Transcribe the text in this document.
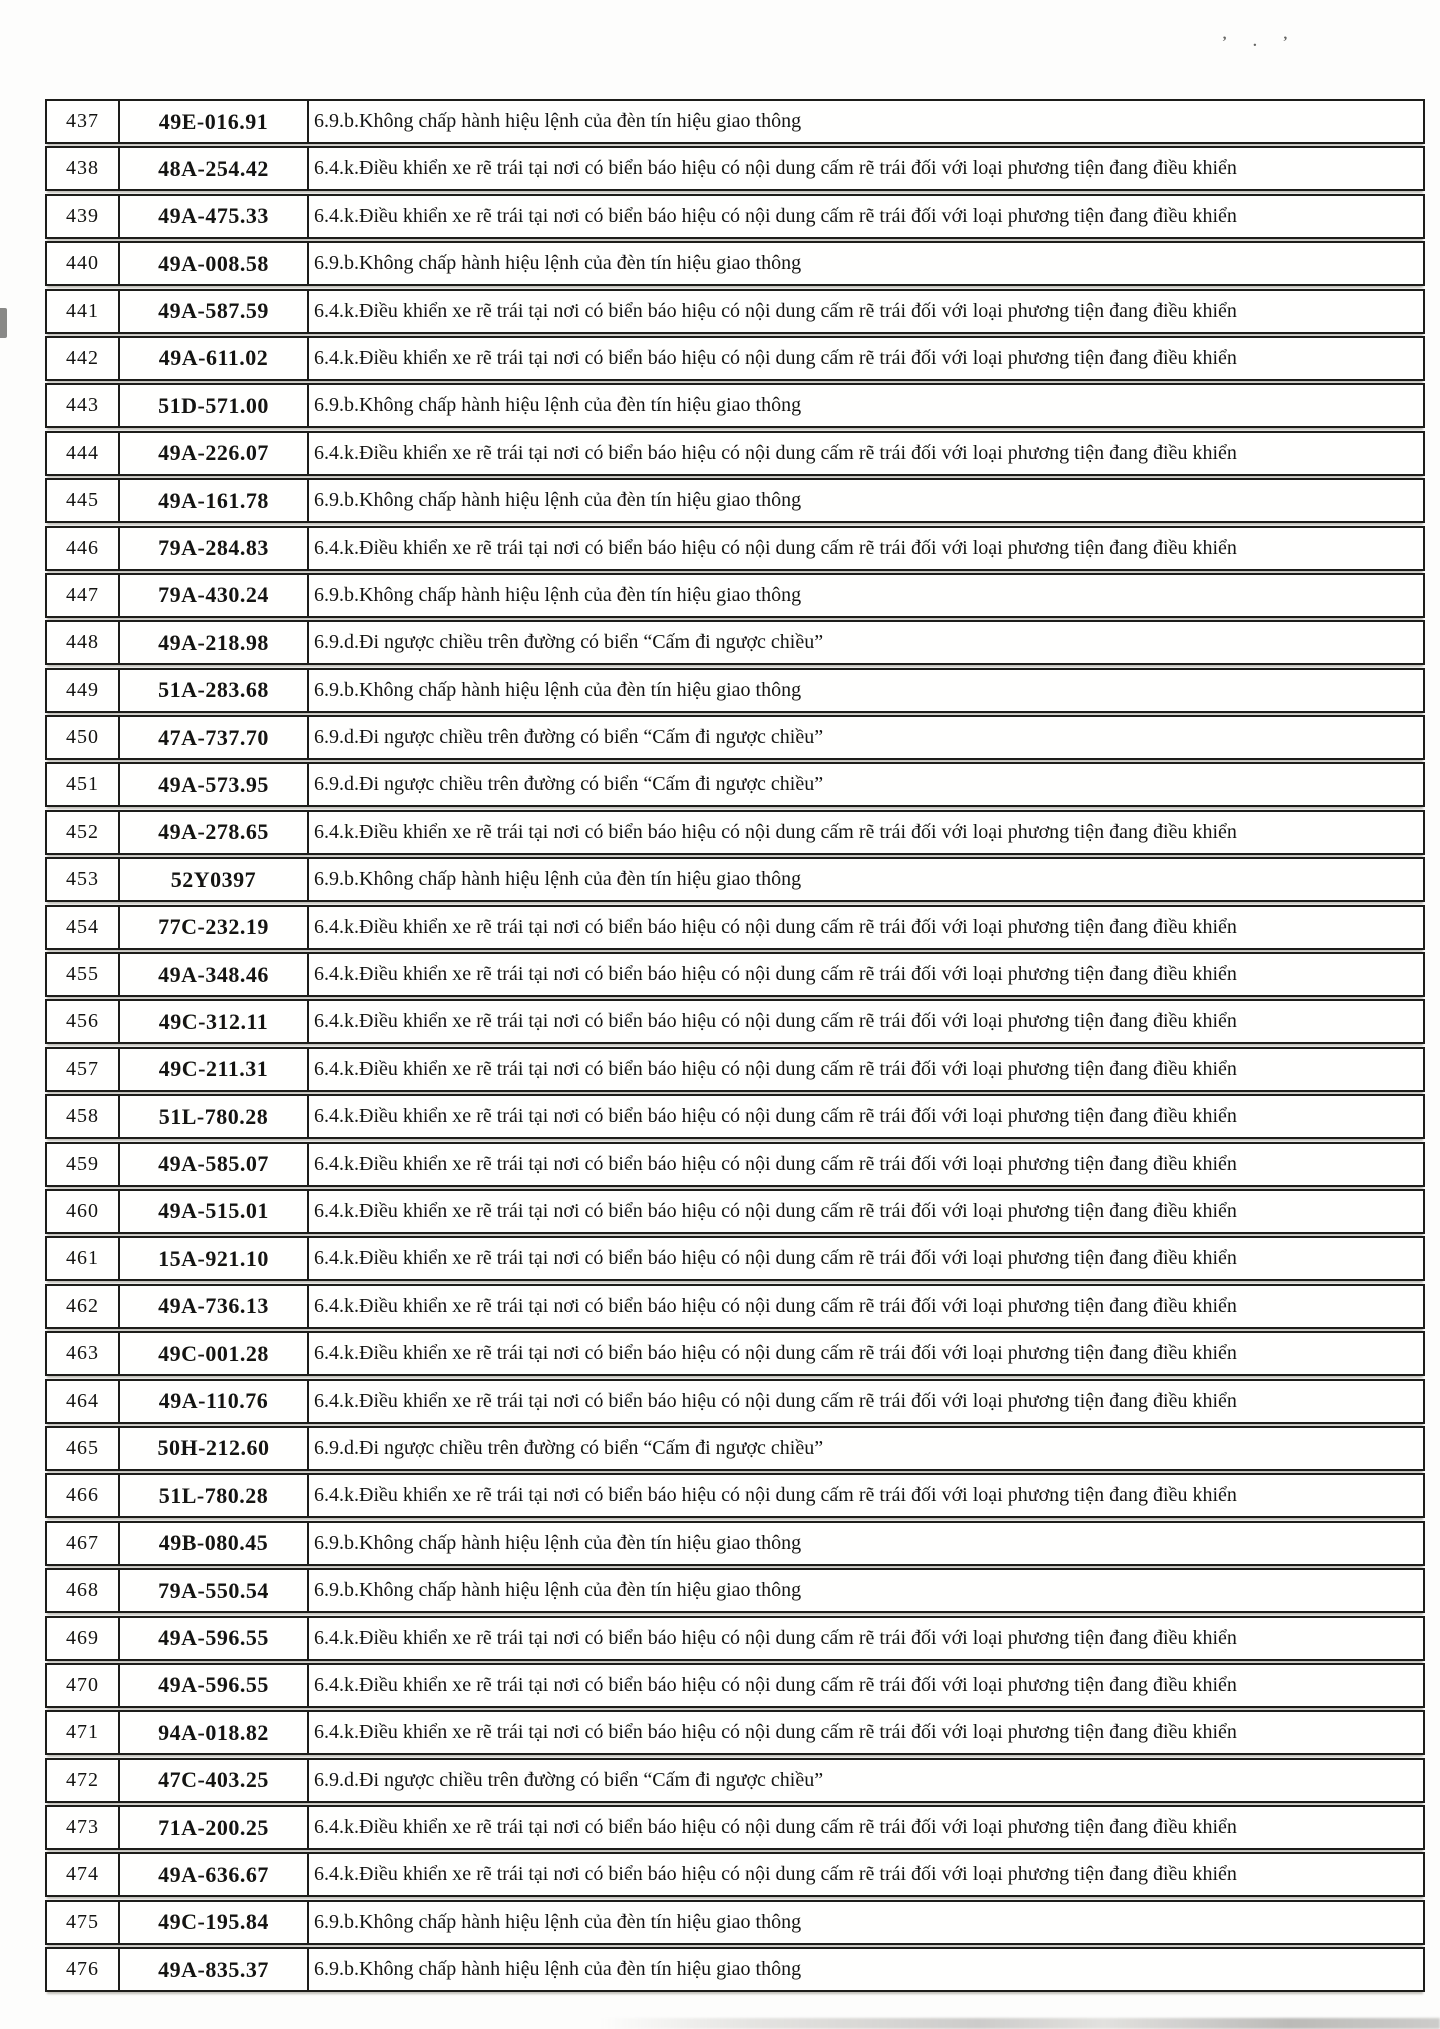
’.’
437	49E-016.91	6.9.b.Không chấp hành hiệu lệnh của đèn tín hiệu giao thông
438	48A-254.42	6.4.k.Điều khiển xe rẽ trái tại nơi có biển báo hiệu có nội dung cấm rẽ trái đối với loại phương tiện đang điều khiển
439	49A-475.33	6.4.k.Điều khiển xe rẽ trái tại nơi có biển báo hiệu có nội dung cấm rẽ trái đối với loại phương tiện đang điều khiển
440	49A-008.58	6.9.b.Không chấp hành hiệu lệnh của đèn tín hiệu giao thông
441	49A-587.59	6.4.k.Điều khiển xe rẽ trái tại nơi có biển báo hiệu có nội dung cấm rẽ trái đối với loại phương tiện đang điều khiển
442	49A-611.02	6.4.k.Điều khiển xe rẽ trái tại nơi có biển báo hiệu có nội dung cấm rẽ trái đối với loại phương tiện đang điều khiển
443	51D-571.00	6.9.b.Không chấp hành hiệu lệnh của đèn tín hiệu giao thông
444	49A-226.07	6.4.k.Điều khiển xe rẽ trái tại nơi có biển báo hiệu có nội dung cấm rẽ trái đối với loại phương tiện đang điều khiển
445	49A-161.78	6.9.b.Không chấp hành hiệu lệnh của đèn tín hiệu giao thông
446	79A-284.83	6.4.k.Điều khiển xe rẽ trái tại nơi có biển báo hiệu có nội dung cấm rẽ trái đối với loại phương tiện đang điều khiển
447	79A-430.24	6.9.b.Không chấp hành hiệu lệnh của đèn tín hiệu giao thông
448	49A-218.98	6.9.d.Đi ngược chiều trên đường có biển “Cấm đi ngược chiều”
449	51A-283.68	6.9.b.Không chấp hành hiệu lệnh của đèn tín hiệu giao thông
450	47A-737.70	6.9.d.Đi ngược chiều trên đường có biển “Cấm đi ngược chiều”
451	49A-573.95	6.9.d.Đi ngược chiều trên đường có biển “Cấm đi ngược chiều”
452	49A-278.65	6.4.k.Điều khiển xe rẽ trái tại nơi có biển báo hiệu có nội dung cấm rẽ trái đối với loại phương tiện đang điều khiển
453	52Y0397	6.9.b.Không chấp hành hiệu lệnh của đèn tín hiệu giao thông
454	77C-232.19	6.4.k.Điều khiển xe rẽ trái tại nơi có biển báo hiệu có nội dung cấm rẽ trái đối với loại phương tiện đang điều khiển
455	49A-348.46	6.4.k.Điều khiển xe rẽ trái tại nơi có biển báo hiệu có nội dung cấm rẽ trái đối với loại phương tiện đang điều khiển
456	49C-312.11	6.4.k.Điều khiển xe rẽ trái tại nơi có biển báo hiệu có nội dung cấm rẽ trái đối với loại phương tiện đang điều khiển
457	49C-211.31	6.4.k.Điều khiển xe rẽ trái tại nơi có biển báo hiệu có nội dung cấm rẽ trái đối với loại phương tiện đang điều khiển
458	51L-780.28	6.4.k.Điều khiển xe rẽ trái tại nơi có biển báo hiệu có nội dung cấm rẽ trái đối với loại phương tiện đang điều khiển
459	49A-585.07	6.4.k.Điều khiển xe rẽ trái tại nơi có biển báo hiệu có nội dung cấm rẽ trái đối với loại phương tiện đang điều khiển
460	49A-515.01	6.4.k.Điều khiển xe rẽ trái tại nơi có biển báo hiệu có nội dung cấm rẽ trái đối với loại phương tiện đang điều khiển
461	15A-921.10	6.4.k.Điều khiển xe rẽ trái tại nơi có biển báo hiệu có nội dung cấm rẽ trái đối với loại phương tiện đang điều khiển
462	49A-736.13	6.4.k.Điều khiển xe rẽ trái tại nơi có biển báo hiệu có nội dung cấm rẽ trái đối với loại phương tiện đang điều khiển
463	49C-001.28	6.4.k.Điều khiển xe rẽ trái tại nơi có biển báo hiệu có nội dung cấm rẽ trái đối với loại phương tiện đang điều khiển
464	49A-110.76	6.4.k.Điều khiển xe rẽ trái tại nơi có biển báo hiệu có nội dung cấm rẽ trái đối với loại phương tiện đang điều khiển
465	50H-212.60	6.9.d.Đi ngược chiều trên đường có biển “Cấm đi ngược chiều”
466	51L-780.28	6.4.k.Điều khiển xe rẽ trái tại nơi có biển báo hiệu có nội dung cấm rẽ trái đối với loại phương tiện đang điều khiển
467	49B-080.45	6.9.b.Không chấp hành hiệu lệnh của đèn tín hiệu giao thông
468	79A-550.54	6.9.b.Không chấp hành hiệu lệnh của đèn tín hiệu giao thông
469	49A-596.55	6.4.k.Điều khiển xe rẽ trái tại nơi có biển báo hiệu có nội dung cấm rẽ trái đối với loại phương tiện đang điều khiển
470	49A-596.55	6.4.k.Điều khiển xe rẽ trái tại nơi có biển báo hiệu có nội dung cấm rẽ trái đối với loại phương tiện đang điều khiển
471	94A-018.82	6.4.k.Điều khiển xe rẽ trái tại nơi có biển báo hiệu có nội dung cấm rẽ trái đối với loại phương tiện đang điều khiển
472	47C-403.25	6.9.d.Đi ngược chiều trên đường có biển “Cấm đi ngược chiều”
473	71A-200.25	6.4.k.Điều khiển xe rẽ trái tại nơi có biển báo hiệu có nội dung cấm rẽ trái đối với loại phương tiện đang điều khiển
474	49A-636.67	6.4.k.Điều khiển xe rẽ trái tại nơi có biển báo hiệu có nội dung cấm rẽ trái đối với loại phương tiện đang điều khiển
475	49C-195.84	6.9.b.Không chấp hành hiệu lệnh của đèn tín hiệu giao thông
476	49A-835.37	6.9.b.Không chấp hành hiệu lệnh của đèn tín hiệu giao thông
